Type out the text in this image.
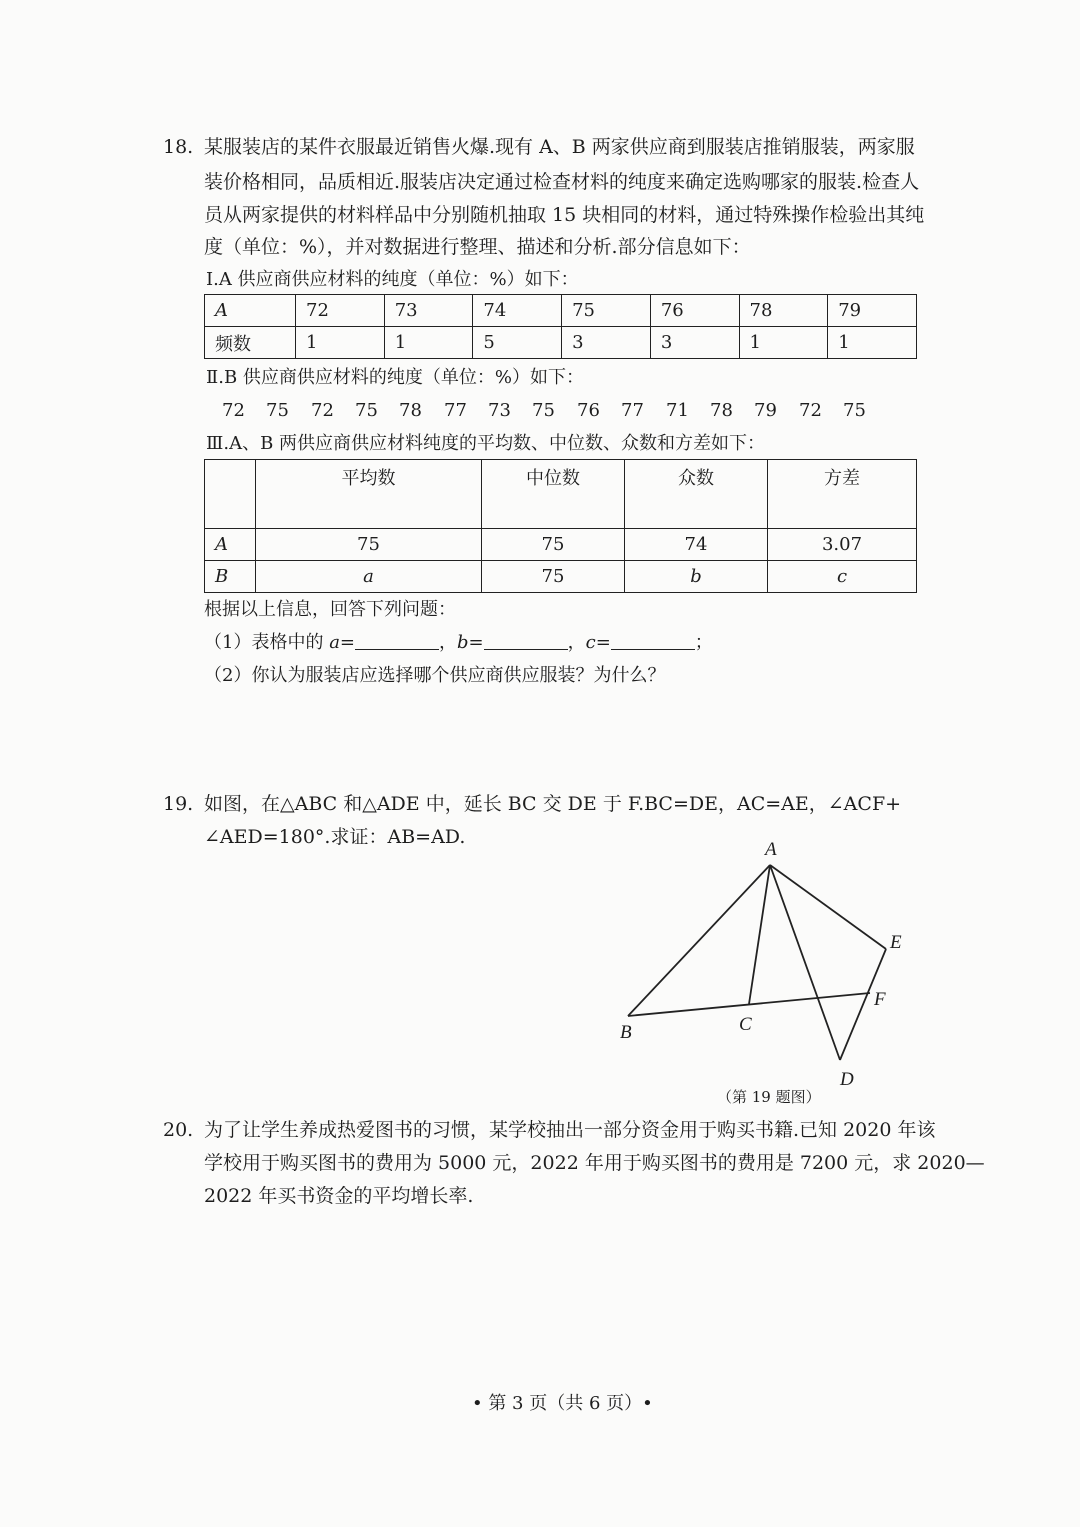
18. 某服装店的某件衣服最近销售火爆.现有 A、B 两家供应商到服装店推销服装，两家服
装价格相同，品质相近.服装店决定通过检查材料的纯度来确定选购哪家的服装.检查人
员从两家提供的材料样品中分别随机抽取 15 块相同的材料，通过特殊操作检验出其纯
度（单位：%），并对数据进行整理、描述和分析.部分信息如下：
Ⅰ.A 供应商供应材料的纯度（单位：%）如下：
A	72	73	74	75	76	78	79
频数	1	1	5	3	3	1	1
Ⅱ.B 供应商供应材料的纯度（单位：%）如下：
72 75 72 75 78 77 73 75 76 77 71 78 79 72 75
Ⅲ.A、B 两供应商供应材料纯度的平均数、中位数、众数和方差如下：
	平均数	中位数	众数	方差
A	75	75	74	3.07
B	a	75	b	c
根据以上信息，回答下列问题：
（1）表格中的 a=	，b=	，c=	；
（2）你认为服装店应选择哪个供应商供应服装？为什么？
19. 如图，在△ABC 和△ADE 中，延长 BC 交 DE 于 F.BC=DE，AC=AE，∠ACF+
∠AED=180°.求证：AB=AD.
A
B	C
D
E
F
（第 19 题图）
20. 为了让学生养成热爱图书的习惯，某学校抽出一部分资金用于购买书籍.已知 2020 年该
学校用于购买图书的费用为 5000 元，2022 年用于购买图书的费用是 7200 元，求 2020—
2022 年买书资金的平均增长率.
• 第 3 页（共 6 页）•
